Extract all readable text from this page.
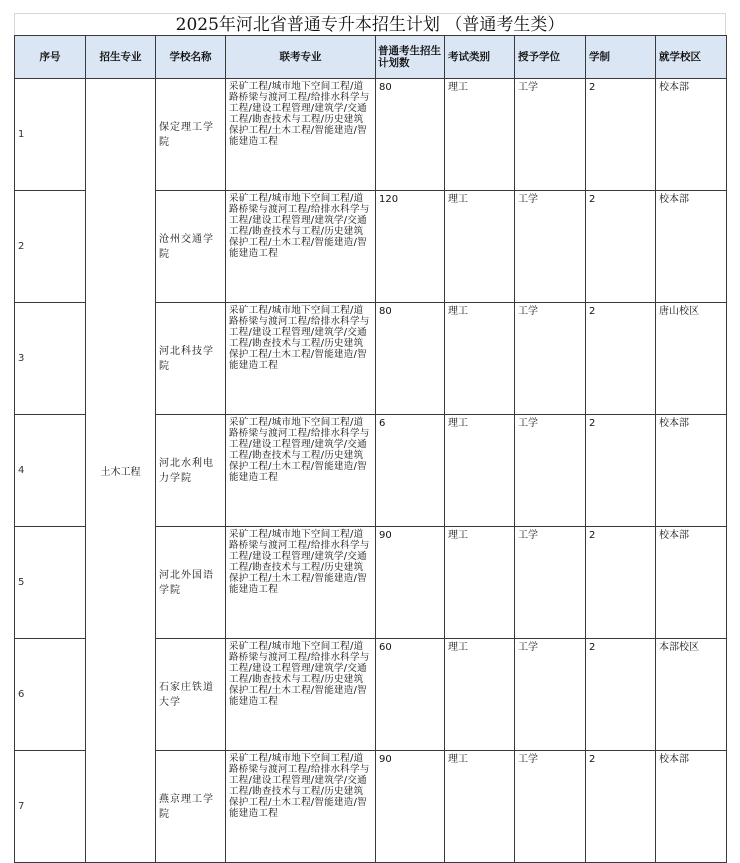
2025年河北省普通专升本招生计划 （普通考生类）
序号	招生专业	学校名称	联考专业	普通考生招生计划数	考试类别	授予学位	学制	就学校区
1	土木工程	保定理工学院	采矿工程/城市地下空间工程/道路桥梁与渡河工程/给排水科学与工程/建设工程管理/建筑学/交通工程/勘查技术与工程/历史建筑保护工程/土木工程/智能建造/智能建造工程	80	理工	工学	2	校本部
2		沧州交通学院	采矿工程/城市地下空间工程/道路桥梁与渡河工程/给排水科学与工程/建设工程管理/建筑学/交通工程/勘查技术与工程/历史建筑保护工程/土木工程/智能建造/智能建造工程	120	理工	工学	2	校本部
3		河北科技学院	采矿工程/城市地下空间工程/道路桥梁与渡河工程/给排水科学与工程/建设工程管理/建筑学/交通工程/勘查技术与工程/历史建筑保护工程/土木工程/智能建造/智能建造工程	80	理工	工学	2	唐山校区
4		河北水利电力学院	采矿工程/城市地下空间工程/道路桥梁与渡河工程/给排水科学与工程/建设工程管理/建筑学/交通工程/勘查技术与工程/历史建筑保护工程/土木工程/智能建造/智能建造工程	6	理工	工学	2	校本部
5		河北外国语学院	采矿工程/城市地下空间工程/道路桥梁与渡河工程/给排水科学与工程/建设工程管理/建筑学/交通工程/勘查技术与工程/历史建筑保护工程/土木工程/智能建造/智能建造工程	90	理工	工学	2	校本部
6		石家庄铁道大学	采矿工程/城市地下空间工程/道路桥梁与渡河工程/给排水科学与工程/建设工程管理/建筑学/交通工程/勘查技术与工程/历史建筑保护工程/土木工程/智能建造/智能建造工程	60	理工	工学	2	本部校区
7		燕京理工学院	采矿工程/城市地下空间工程/道路桥梁与渡河工程/给排水科学与工程/建设工程管理/建筑学/交通工程/勘查技术与工程/历史建筑保护工程/土木工程/智能建造/智能建造工程	90	理工	工学	2	校本部
